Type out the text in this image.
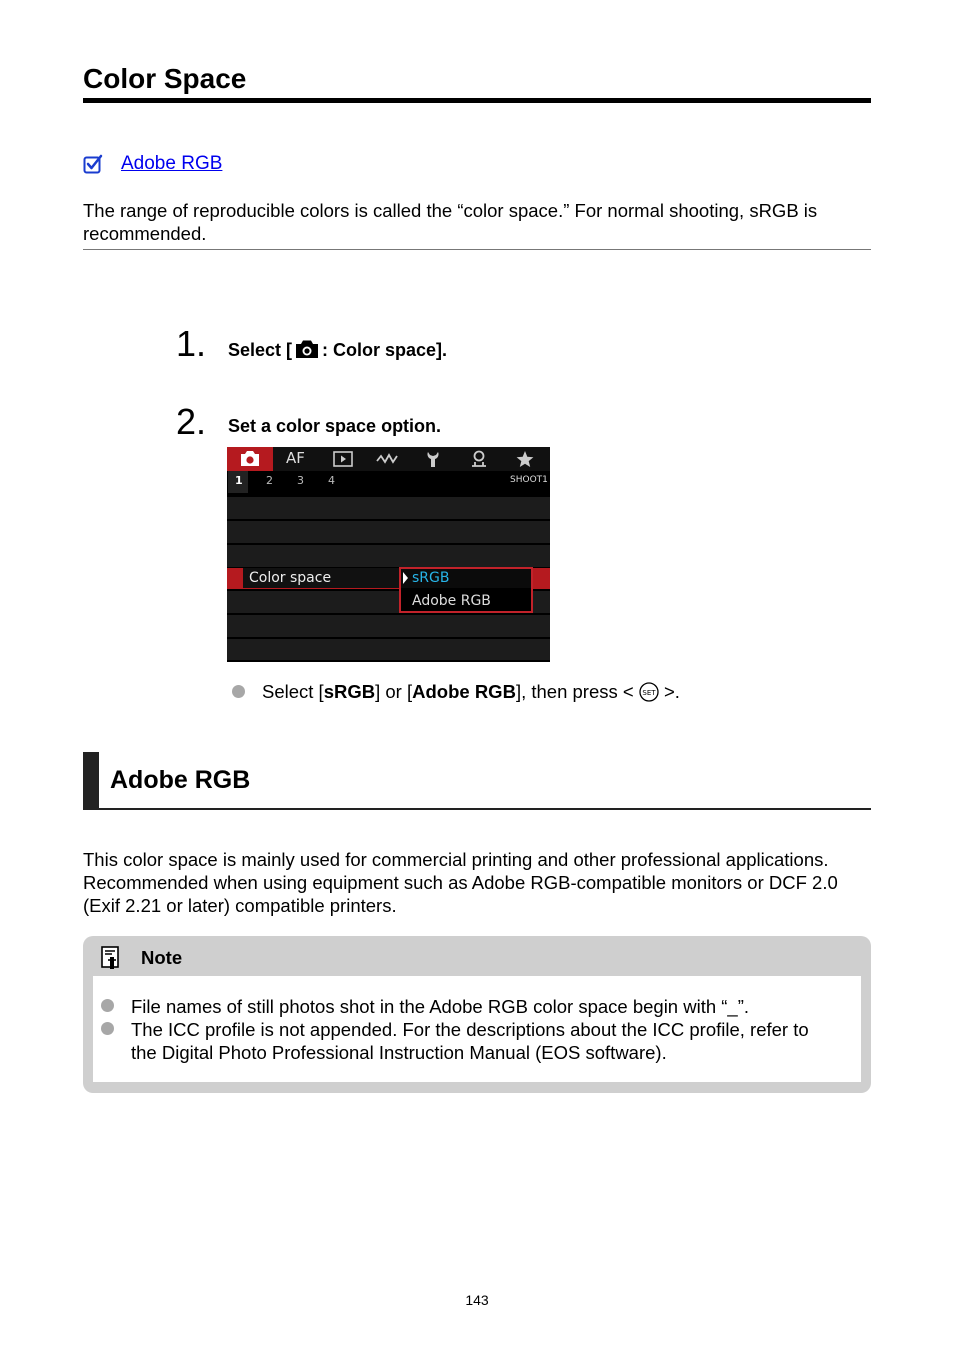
Color Space
Adobe RGB
The range of reproducible colors is called the “color space.” For normal shooting, sRGB is recommended.
1. Select [ : Color space].
2. Set a color space option.
AF
1 2 3 4	SHOOT1
Color space	sRGB
Adobe RGB
Select [sRGB] or [Adobe RGB], then press < SET >.
Adobe RGB
This color space is mainly used for commercial printing and other professional applications.
Recommended when using equipment such as Adobe RGB-compatible monitors or DCF 2.0
(Exif 2.21 or later) compatible printers.
Note
File names of still photos shot in the Adobe RGB color space begin with “_”.
The ICC profile is not appended. For the descriptions about the ICC profile, refer to
the Digital Photo Professional Instruction Manual (EOS software).
143
